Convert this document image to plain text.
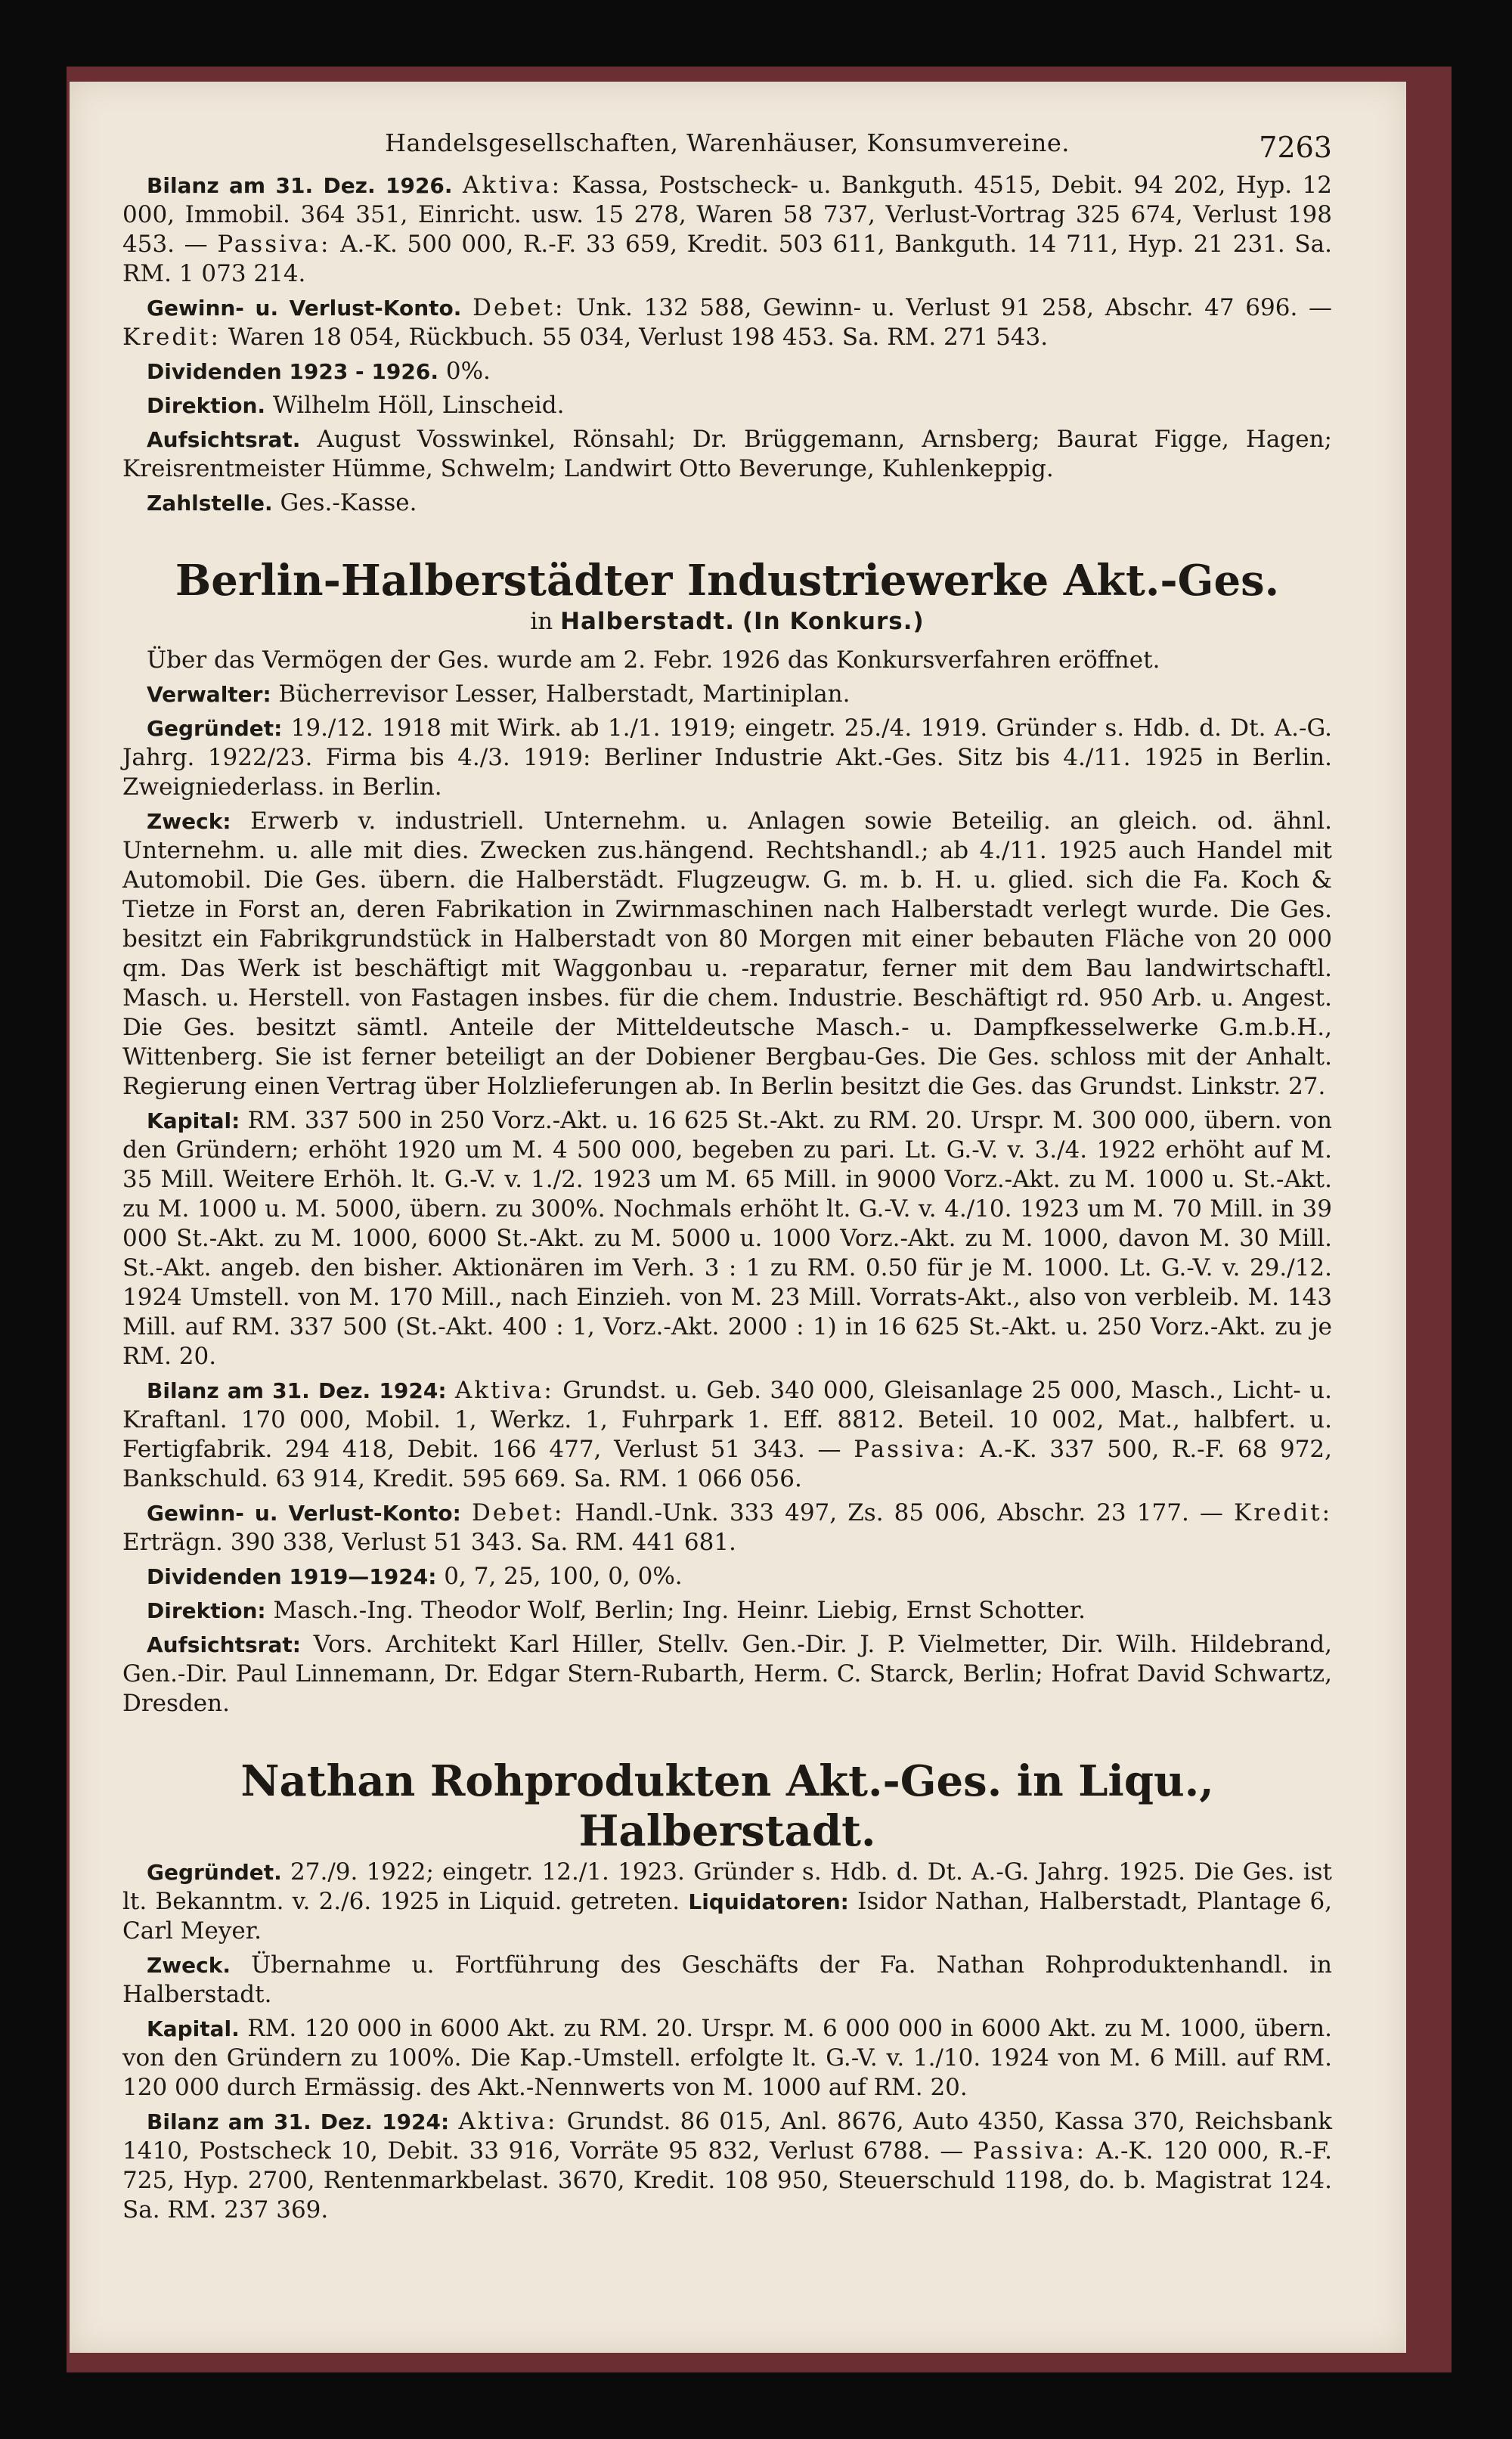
Handelsgesellschaften, Warenhäuser, Konsumvereine.	7263

Bilanz am 31. Dez. 1926. Aktiva: Kassa, Postscheck- u. Bankguth. 4515, Debit. 94 202, Hyp. 12 000, Immobil. 364 351, Einricht. usw. 15 278, Waren 58 737, Verlust-Vortrag 325 674, Verlust 198 453. — Passiva: A.-K. 500 000, R.-F. 33 659, Kredit. 503 611, Bankguth. 14 711, Hyp. 21 231. Sa. RM. 1 073 214.

Gewinn- u. Verlust-Konto. Debet: Unk. 132 588, Gewinn- u. Verlust 91 258, Abschr. 47 696. — Kredit: Waren 18 054, Rückbuch. 55 034, Verlust 198 453. Sa. RM. 271 543.

Dividenden 1923 - 1926. 0%.

Direktion. Wilhelm Höll, Linscheid.

Aufsichtsrat. August Vosswinkel, Rönsahl; Dr. Brüggemann, Arnsberg; Baurat Figge, Hagen; Kreisrentmeister Hümme, Schwelm; Landwirt Otto Beverunge, Kuhlenkeppig.

Zahlstelle. Ges.-Kasse.

Berlin-Halberstädter Industriewerke Akt.-Ges.
in Halberstadt. (In Konkurs.)

Über das Vermögen der Ges. wurde am 2. Febr. 1926 das Konkursverfahren eröffnet.

Verwalter: Bücherrevisor Lesser, Halberstadt, Martiniplan.

Gegründet: 19./12. 1918 mit Wirk. ab 1./1. 1919; eingetr. 25./4. 1919. Gründer s. Hdb. d. Dt. A.-G. Jahrg. 1922/23. Firma bis 4./3. 1919: Berliner Industrie Akt.-Ges. Sitz bis 4./11. 1925 in Berlin. Zweigniederlass. in Berlin.

Zweck: Erwerb v. industriell. Unternehm. u. Anlagen sowie Beteilig. an gleich. od. ähnl. Unternehm. u. alle mit dies. Zwecken zus.hängend. Rechtshandl.; ab 4./11. 1925 auch Handel mit Automobil. Die Ges. übern. die Halberstädt. Flugzeugw. G. m. b. H. u. glied. sich die Fa. Koch & Tietze in Forst an, deren Fabrikation in Zwirnmaschinen nach Halberstadt verlegt wurde. Die Ges. besitzt ein Fabrikgrundstück in Halberstadt von 80 Morgen mit einer bebauten Fläche von 20 000 qm. Das Werk ist beschäftigt mit Waggonbau u. -reparatur, ferner mit dem Bau landwirtschaftl. Masch. u. Herstell. von Fastagen insbes. für die chem. Industrie. Beschäftigt rd. 950 Arb. u. Angest. Die Ges. besitzt sämtl. Anteile der Mitteldeutsche Masch.- u. Dampfkesselwerke G.m.b.H., Wittenberg. Sie ist ferner beteiligt an der Dobiener Bergbau-Ges. Die Ges. schloss mit der Anhalt. Regierung einen Vertrag über Holzlieferungen ab. In Berlin besitzt die Ges. das Grundst. Linkstr. 27.

Kapital: RM. 337 500 in 250 Vorz.-Akt. u. 16 625 St.-Akt. zu RM. 20. Urspr. M. 300 000, übern. von den Gründern; erhöht 1920 um M. 4 500 000, begeben zu pari. Lt. G.-V. v. 3./4. 1922 erhöht auf M. 35 Mill. Weitere Erhöh. lt. G.-V. v. 1./2. 1923 um M. 65 Mill. in 9000 Vorz.-Akt. zu M. 1000 u. St.-Akt. zu M. 1000 u. M. 5000, übern. zu 300%. Nochmals erhöht lt. G.-V. v. 4./10. 1923 um M. 70 Mill. in 39 000 St.-Akt. zu M. 1000, 6000 St.-Akt. zu M. 5000 u. 1000 Vorz.-Akt. zu M. 1000, davon M. 30 Mill. St.-Akt. angeb. den bisher. Aktionären im Verh. 3 : 1 zu RM. 0.50 für je M. 1000. Lt. G.-V. v. 29./12. 1924 Umstell. von M. 170 Mill., nach Einzieh. von M. 23 Mill. Vorrats-Akt., also von verbleib. M. 143 Mill. auf RM. 337 500 (St.-Akt. 400 : 1, Vorz.-Akt. 2000 : 1) in 16 625 St.-Akt. u. 250 Vorz.-Akt. zu je RM. 20.

Bilanz am 31. Dez. 1924: Aktiva: Grundst. u. Geb. 340 000, Gleisanlage 25 000, Masch., Licht- u. Kraftanl. 170 000, Mobil. 1, Werkz. 1, Fuhrpark 1. Eff. 8812. Beteil. 10 002, Mat., halbfert. u. Fertigfabrik. 294 418, Debit. 166 477, Verlust 51 343. — Passiva: A.-K. 337 500, R.-F. 68 972, Bankschuld. 63 914, Kredit. 595 669. Sa. RM. 1 066 056.

Gewinn- u. Verlust-Konto: Debet: Handl.-Unk. 333 497, Zs. 85 006, Abschr. 23 177. — Kredit: Erträgn. 390 338, Verlust 51 343. Sa. RM. 441 681.

Dividenden 1919—1924: 0, 7, 25, 100, 0, 0%.

Direktion: Masch.-Ing. Theodor Wolf, Berlin; Ing. Heinr. Liebig, Ernst Schotter.

Aufsichtsrat: Vors. Architekt Karl Hiller, Stellv. Gen.-Dir. J. P. Vielmetter, Dir. Wilh. Hildebrand, Gen.-Dir. Paul Linnemann, Dr. Edgar Stern-Rubarth, Herm. C. Starck, Berlin; Hofrat David Schwartz, Dresden.

Nathan Rohprodukten Akt.-Ges. in Liqu., Halberstadt.

Gegründet. 27./9. 1922; eingetr. 12./1. 1923. Gründer s. Hdb. d. Dt. A.-G. Jahrg. 1925. Die Ges. ist lt. Bekanntm. v. 2./6. 1925 in Liquid. getreten. Liquidatoren: Isidor Nathan, Halberstadt, Plantage 6, Carl Meyer.

Zweck. Übernahme u. Fortführung des Geschäfts der Fa. Nathan Rohproduktenhandl. in Halberstadt.

Kapital. RM. 120 000 in 6000 Akt. zu RM. 20. Urspr. M. 6 000 000 in 6000 Akt. zu M. 1000, übern. von den Gründern zu 100%. Die Kap.-Umstell. erfolgte lt. G.-V. v. 1./10. 1924 von M. 6 Mill. auf RM. 120 000 durch Ermässig. des Akt.-Nennwerts von M. 1000 auf RM. 20.

Bilanz am 31. Dez. 1924: Aktiva: Grundst. 86 015, Anl. 8676, Auto 4350, Kassa 370, Reichsbank 1410, Postscheck 10, Debit. 33 916, Vorräte 95 832, Verlust 6788. — Passiva: A.-K. 120 000, R.-F. 725, Hyp. 2700, Rentenmarkbelast. 3670, Kredit. 108 950, Steuerschuld 1198, do. b. Magistrat 124. Sa. RM. 237 369.
